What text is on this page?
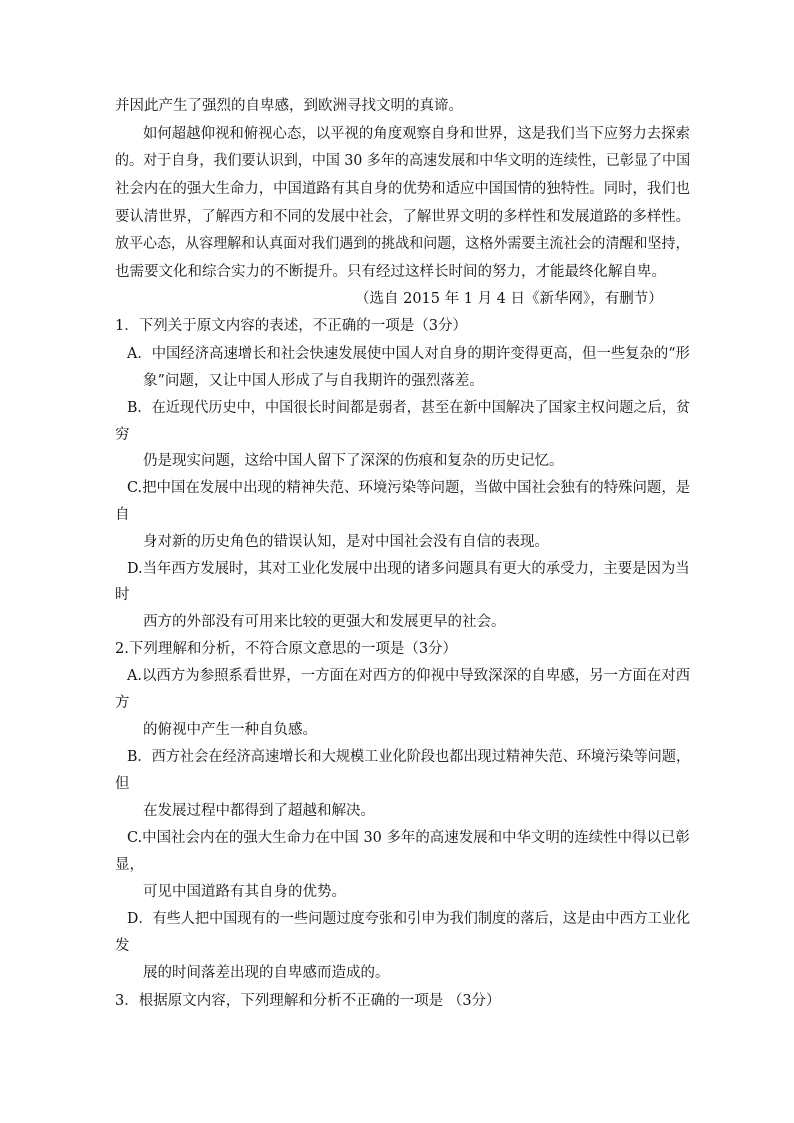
并因此产生了强烈的自卑感，到欧洲寻找文明的真谛。
如何超越仰视和俯视心态，以平视的角度观察自身和世界，这是我们当下应努力去探索
的。对于自身，我们要认识到，中国 30 多年的高速发展和中华文明的连续性，已彰显了中国
社会内在的强大生命力，中国道路有其自身的优势和适应中国国情的独特性。同时，我们也
要认清世界，了解西方和不同的发展中社会，了解世界文明的多样性和发展道路的多样性。
放平心态，从容理解和认真面对我们遇到的挑战和问题，这格外需要主流社会的清醒和坚持，
也需要文化和综合实力的不断提升。只有经过这样长时间的努力，才能最终化解自卑。
（选自 2015 年 1 月 4 日《新华网》，有删节）
1．下列关于原文内容的表述，不正确的一项是（3分）
A．中国经济高速增长和社会快速发展使中国人对自身的期许变得更高，但一些复杂的“形
象”问题，又让中国人形成了与自我期许的强烈落差。
B．在近现代历史中，中国很长时间都是弱者，甚至在新中国解决了国家主权问题之后，贫
穷
仍是现实问题，这给中国人留下了深深的伤痕和复杂的历史记忆。
C.把中国在发展中出现的精神失范、环境污染等问题，当做中国社会独有的特殊问题，是
自
身对新的历史角色的错误认知，是对中国社会没有自信的表现。
D.当年西方发展时，其对工业化发展中出现的诸多问题具有更大的承受力，主要是因为当
时
西方的外部没有可用来比较的更强大和发展更早的社会。
2.下列理解和分析，不符合原文意思的一项是（3分）
A.以西方为参照系看世界，一方面在对西方的仰视中导致深深的自卑感，另一方面在对西
方
的俯视中产生一种自负感。
B．西方社会在经济高速增长和大规模工业化阶段也都出现过精神失范、环境污染等问题，
但
在发展过程中都得到了超越和解决。
C.中国社会内在的强大生命力在中国 30 多年的高速发展和中华文明的连续性中得以已彰
显，
可见中国道路有其自身的优势。
D．有些人把中国现有的一些问题过度夸张和引申为我们制度的落后，这是由中西方工业化
发
展的时间落差出现的自卑感而造成的。
3．根据原文内容，下列理解和分析不正确的一项是 （3分）
